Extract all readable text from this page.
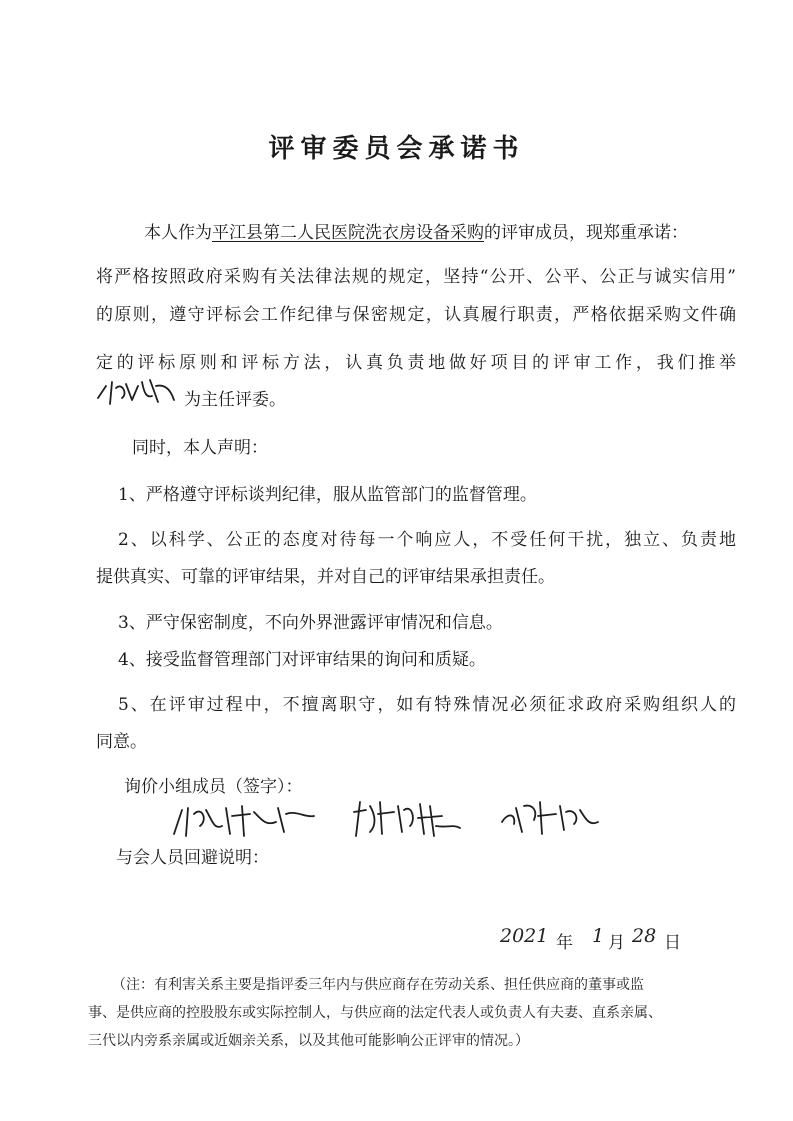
评审委员会承诺书
本人作为平江县第二人民医院洗衣房设备采购的评审成员，现郑重承诺：
将严格按照政府采购有关法律法规的规定，坚持“公开、公平、公正与诚实信用”
的原则，遵守评标会工作纪律与保密规定，认真履行职责，严格依据采购文件确
定的评标原则和评标方法，认真负责地做好项目的评审工作，我们推举
为主任评委。
同时，本人声明：
1、严格遵守评标谈判纪律，服从监管部门的监督管理。
2、以科学、公正的态度对待每一个响应人，不受任何干扰，独立、负责地
提供真实、可靠的评审结果，并对自己的评审结果承担责任。
3、严守保密制度，不向外界泄露评审情况和信息。
4、接受监督管理部门对评审结果的询问和质疑。
5、在评审过程中，不擅离职守，如有特殊情况必须征求政府采购组织人的
同意。
询价小组成员（签字）：
与会人员回避说明：
2021 年 1 月 28 日
（注：有利害关系主要是指评委三年内与供应商存在劳动关系、担任供应商的董事或监
事、是供应商的控股股东或实际控制人，与供应商的法定代表人或负责人有夫妻、直系亲属、
三代以内旁系亲属或近姻亲关系，以及其他可能影响公正评审的情况。）
